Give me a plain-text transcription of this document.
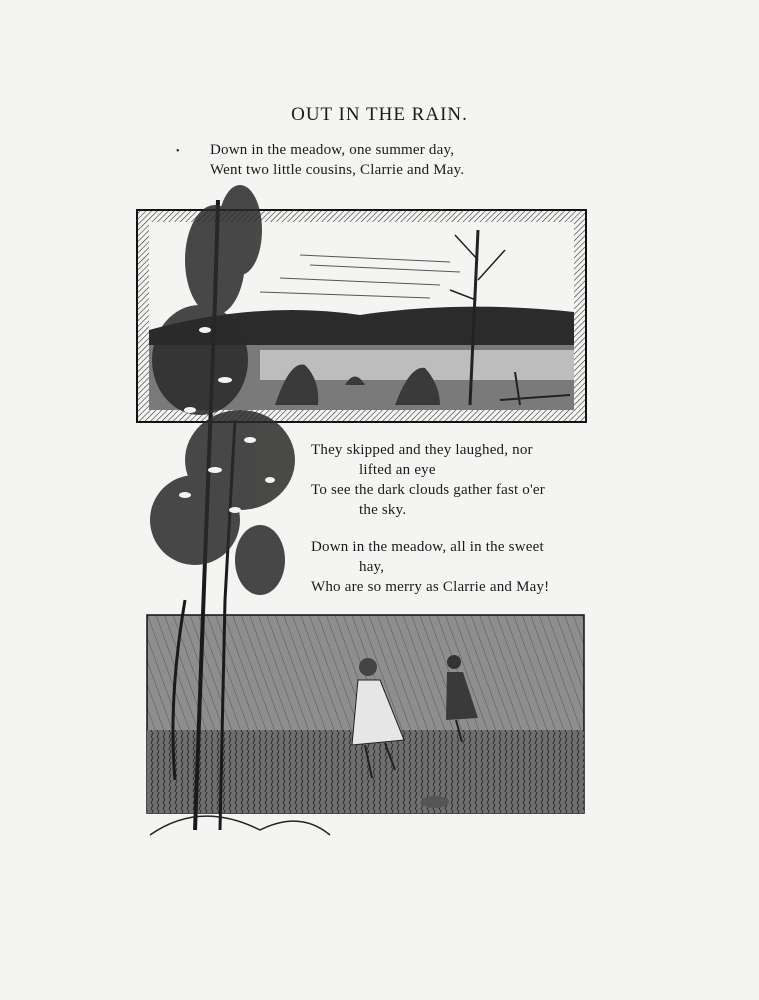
OUT IN THE RAIN.
• Down in the meadow, one summer day,
Went two little cousins, Clarrie and May.
They skipped and they laughed, nor
lifted an eye
To see the dark clouds gather fast o'er
the sky.
Down in the meadow, all in the sweet
hay,
Who are so merry as Clarrie and May!
